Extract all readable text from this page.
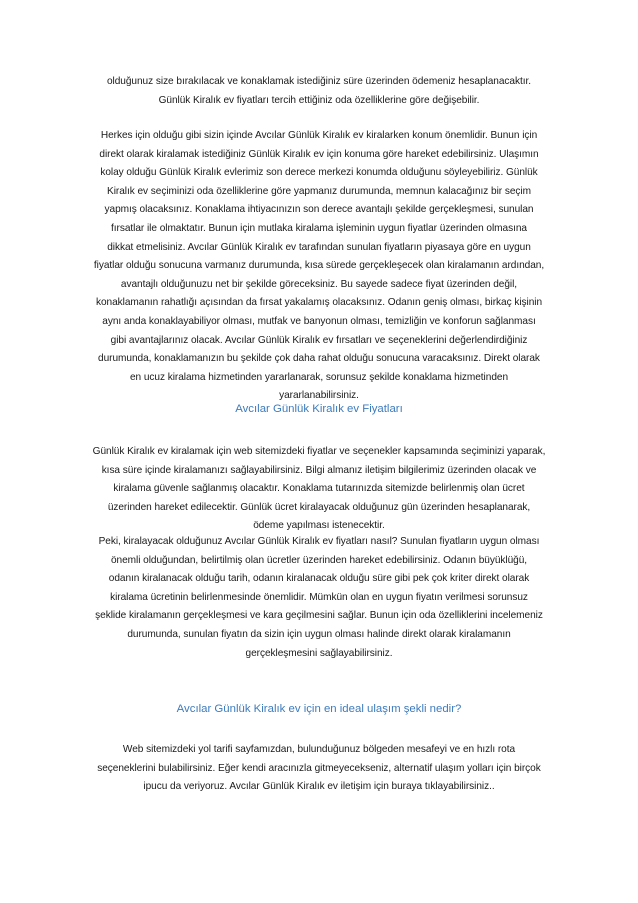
olduğunuz size bırakılacak ve konaklamak istediğiniz süre üzerinden ödemeniz hesaplanacaktır.
Günlük Kiralık ev fiyatları tercih ettiğiniz oda özelliklerine göre değişebilir.
Herkes için olduğu gibi sizin içinde Avcılar Günlük Kiralık ev kiralarken konum önemlidir. Bunun için
direkt olarak kiralamak istediğiniz Günlük Kiralık ev için konuma göre hareket edebilirsiniz. Ulaşımın
kolay olduğu Günlük Kiralık evlerimiz son derece merkezi konumda olduğunu söyleyebiliriz. Günlük
Kiralık ev seçiminizi oda özelliklerine göre yapmanız durumunda, memnun kalacağınız bir seçim
yapmış olacaksınız. Konaklama ihtiyacınızın son derece avantajlı şekilde gerçekleşmesi, sunulan
fırsatlar ile olmaktatır. Bunun için mutlaka kiralama işleminin uygun fiyatlar üzerinden olmasına
dikkat etmelisiniz. Avcılar Günlük Kiralık ev tarafından sunulan fiyatların piyasaya göre en uygun
fiyatlar olduğu sonucuna varmanız durumunda, kısa sürede gerçekleşecek olan kiralamanın ardından,
avantajlı olduğunuzu net bir şekilde göreceksiniz. Bu sayede sadece fiyat üzerinden değil,
konaklamanın rahatlığı açısından da fırsat yakalamış olacaksınız. Odanın geniş olması, birkaç kişinin
aynı anda konaklayabiliyor olması, mutfak ve banyonun olması, temizliğin ve konforun sağlanması
gibi avantajlarınız olacak. Avcılar Günlük Kiralık ev fırsatları ve seçeneklerini değerlendirdiğiniz
durumunda, konaklamanızın bu şekilde çok daha rahat olduğu sonucuna varacaksınız. Direkt olarak
en ucuz kiralama hizmetinden yararlanarak, sorunsuz şekilde konaklama hizmetinden
yararlanabilirsiniz.
Avcılar Günlük Kiralık ev Fiyatları
Günlük Kiralık ev kiralamak için web sitemizdeki fiyatlar ve seçenekler kapsamında seçiminizi yaparak,
kısa süre içinde kiralamanızı sağlayabilirsiniz. Bilgi almanız iletişim bilgilerimiz üzerinden olacak ve
kiralama güvenle sağlanmış olacaktır. Konaklama tutarınızda sitemizde belirlenmiş olan ücret
üzerinden hareket edilecektir. Günlük ücret kiralayacak olduğunuz gün üzerinden hesaplanarak,
ödeme yapılması istenecektir.
Peki, kiralayacak olduğunuz Avcılar Günlük Kiralık ev fiyatları nasıl? Sunulan fiyatların uygun olması
önemli olduğundan, belirtilmiş olan ücretler üzerinden hareket edebilirsiniz. Odanın büyüklüğü,
odanın kiralanacak olduğu tarih, odanın kiralanacak olduğu süre gibi pek çok kriter direkt olarak
kiralama ücretinin belirlenmesinde önemlidir. Mümkün olan en uygun fiyatın verilmesi sorunsuz
şeklide kiralamanın gerçekleşmesi ve kara geçilmesini sağlar. Bunun için oda özelliklerini incelemeniz
durumunda, sunulan fiyatın da sizin için uygun olması halinde direkt olarak kiralamanın
gerçekleşmesini sağlayabilirsiniz.
Avcılar Günlük Kiralık ev için en ideal ulaşım şekli nedir?
Web sitemizdeki yol tarifi sayfamızdan, bulunduğunuz bölgeden mesafeyi ve en hızlı rota
seçeneklerini bulabilirsiniz. Eğer kendi aracınızla gitmeyecekseniz, alternatif ulaşım yolları için birçok
ipucu da veriyoruz. Avcılar Günlük Kiralık ev iletişim için buraya tıklayabilirsiniz..
